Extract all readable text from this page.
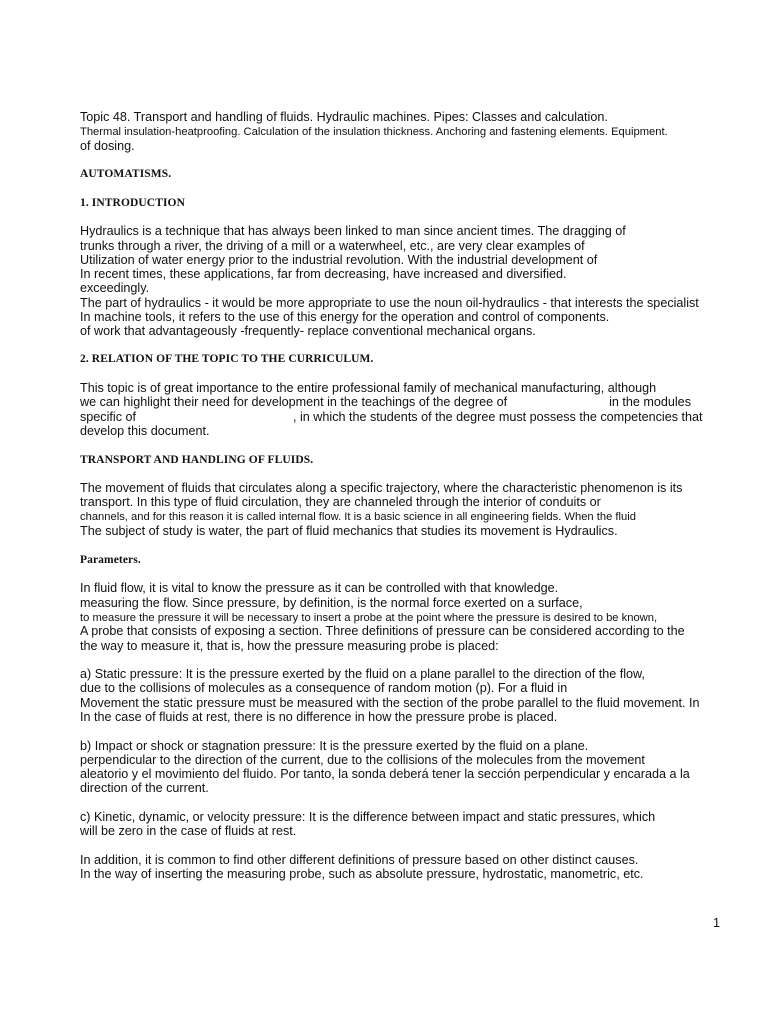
Topic 48. Transport and handling of fluids. Hydraulic machines. Pipes: Classes and calculation.
Thermal insulation-heatproofing. Calculation of the insulation thickness. Anchoring and fastening elements. Equipment.
of dosing.
AUTOMATISMS.
1. INTRODUCTION
Hydraulics is a technique that has always been linked to man since ancient times. The dragging of
trunks through a river, the driving of a mill or a waterwheel, etc., are very clear examples of
Utilization of water energy prior to the industrial revolution. With the industrial development of
In recent times, these applications, far from decreasing, have increased and diversified.
exceedingly.
The part of hydraulics - it would be more appropriate to use the noun oil-hydraulics - that interests the specialist
In machine tools, it refers to the use of this energy for the operation and control of components.
of work that advantageously -frequently- replace conventional mechanical organs.
2. RELATION OF THE TOPIC TO THE CURRICULUM.
This topic is of great importance to the entire professional family of mechanical manufacturing, although
we can highlight their need for development in the teachings of the degree of	in the modules
specific of	, in which the students of the degree must possess the competencies that
develop this document.
TRANSPORT AND HANDLING OF FLUIDS.
The movement of fluids that circulates along a specific trajectory, where the characteristic phenomenon is its
transport. In this type of fluid circulation, they are channeled through the interior of conduits or
channels, and for this reason it is called internal flow. It is a basic science in all engineering fields. When the fluid
The subject of study is water, the part of fluid mechanics that studies its movement is Hydraulics.
Parameters.
In fluid flow, it is vital to know the pressure as it can be controlled with that knowledge.
measuring the flow. Since pressure, by definition, is the normal force exerted on a surface,
to measure the pressure it will be necessary to insert a probe at the point where the pressure is desired to be known,
A probe that consists of exposing a section. Three definitions of pressure can be considered according to the
the way to measure it, that is, how the pressure measuring probe is placed:
a) Static pressure: It is the pressure exerted by the fluid on a plane parallel to the direction of the flow,
due to the collisions of molecules as a consequence of random motion (p). For a fluid in
Movement the static pressure must be measured with the section of the probe parallel to the fluid movement. In
In the case of fluids at rest, there is no difference in how the pressure probe is placed.
b) Impact or shock or stagnation pressure: It is the pressure exerted by the fluid on a plane.
perpendicular to the direction of the current, due to the collisions of the molecules from the movement
aleatorio y el movimiento del fluido. Por tanto, la sonda deberá tener la sección perpendicular y encarada a la
direction of the current.
c) Kinetic, dynamic, or velocity pressure: It is the difference between impact and static pressures, which
will be zero in the case of fluids at rest.
In addition, it is common to find other different definitions of pressure based on other distinct causes.
In the way of inserting the measuring probe, such as absolute pressure, hydrostatic, manometric, etc.
1
